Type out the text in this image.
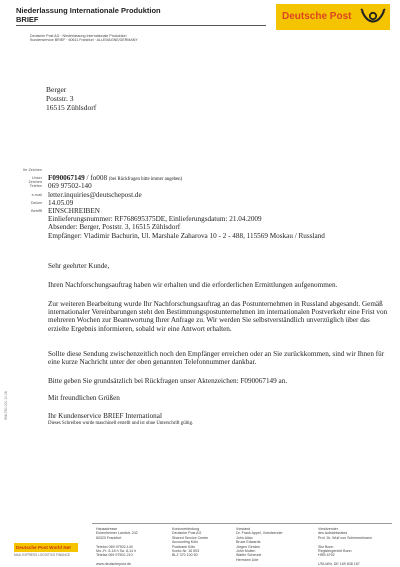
Niederlassung Internationale Produktion
BRIEF	Deutsche Post
Deutsche Post AG · Niederlassung Internationale Produktion
Kundenservice BRIEF · 60611 Frankfurt · ALLEMAGNE/GERMANY
Berger
Poststr. 3
16515 Zühlsdorf
Ihr Zeichen
Unser Zeichen
Telefon
e-mail
Datum
Betrifft
F090067149 / fo008 (bei Rückfragen bitte immer angeben)
069 97502-140
letter.inquiries@deutschepost.de
14.05.09
EINSCHREIBEN
Einlieferungsnummer: RF768695375DE, Einlieferungsdatum: 21.04.2009
Absender: Berger, Poststr. 3, 16515 Zühlsdorf
Empfänger: Vladimir Bachurin, Ul. Marshale Zaharova 10 - 2 - 488, 115569 Moskau / Russland
Sehr geehrter Kunde,
Ihren Nachforschungsauftrag haben wir erhalten und die erforderlichen Ermittlungen aufgenommen.
Zur weiteren Bearbeitung wurde Ihr Nachforschungsauftrag an das Postunternehmen in Russland abgesandt. Gemäß internationaler Vereinbarungen steht den Bestimmungspostunternehmen im internationalen Postverkehr eine Frist von mehreren Wochen zur Beantwortung Ihrer Anfrage zu. Wir werden Sie selbstverständlich unverzüglich über das erzielte Ergebnis informieren, sobald wir eine Antwort erhalten.
Sollte diese Sendung zwischenzeitlich noch den Empfänger erreichen oder an Sie zurückkommen, sind wir Ihnen für eine kurze Nachricht unter der oben genannten Telefonnummer dankbar.
Bitte geben Sie grundsätzlich bei Rückfragen unser Aktenzeichen: F090067149 an.
Mit freundlichen Grüßen
Ihr Kundenservice BRIEF International
Dieses Schreiben wurde maschinell erstellt und ist ohne Unterschrift gültig.
958-790-000 10.08
Hausadresse
Eckenheimer Landstr. 242
60320 Frankfurt

Telefon 069 97502-140
Mo.-Fr. 8-18 h Sa. 8-14 h
Telefax 069 97502-210

www.deutschepost.de
Kontoverbindung
Deutsche Post AG
Shared Service Center
Accounting Köln
Postbank Köln
Konto-Nr. 16 503
BLZ 370 100 50
Vorstand
Dr. Frank Appel, Vorsitzender
John Allan
Bruce Edwards
Jürgen Gerdes
John Mullen
Walter Scheurle
Hermann Ude
Vorsitzender
des Aufsichtsrates
Prof. Dr. Wulf von Schimmelmann

Sitz Bonn
Registergericht Bonn
HRB 6792

USt-IdNr. DE 169 838 187
Deutsche Post World Net
MAIL EXPRESS LOGISTICS FINANCE
